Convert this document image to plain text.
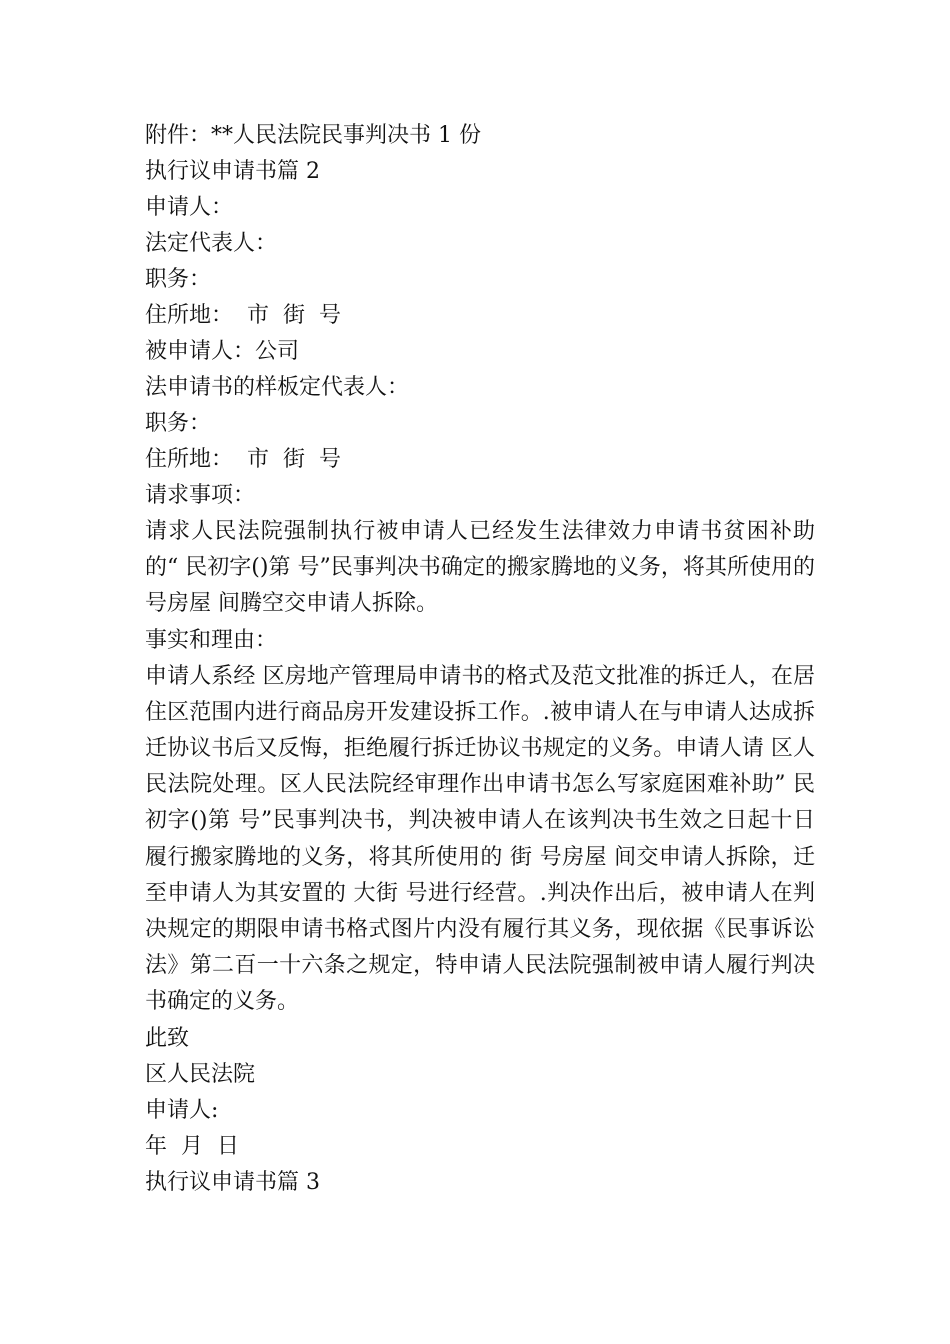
附件：**人民法院民事判决书 1 份
执行议申请书篇 2
申请人：
法定代表人：
职务：
住所地：  市  街  号
被申请人：公司
法申请书的样板定代表人：
职务：
住所地：  市  街  号
请求事项：
请求人民法院强制执行被申请人已经发生法律效力申请书贫困补助的“ 民初字()第 号”民事判决书确定的搬家腾地的义务，将其所使用的 号房屋 间腾空交申请人拆除。
事实和理由：
申请人系经 区房地产管理局申请书的格式及范文批准的拆迁人，在居住区范围内进行商品房开发建设拆工作。.被申请人在与申请人达成拆迁协议书后又反悔，拒绝履行拆迁协议书规定的义务。申请人请 区人民法院处理。区人民法院经审理作出申请书怎么写家庭困难补助” 民初字()第 号”民事判决书，判决被申请人在该判决书生效之日起十日履行搬家腾地的义务，将其所使用的 街 号房屋 间交申请人拆除，迁至申请人为其安置的 大街 号进行经营。.判决作出后，被申请人在判决规定的期限申请书格式图片内没有履行其义务，现依据《民事诉讼法》第二百一十六条之规定，特申请人民法院强制被申请人履行判决书确定的义务。
此致
区人民法院
申请人:
年  月  日
执行议申请书篇 3
